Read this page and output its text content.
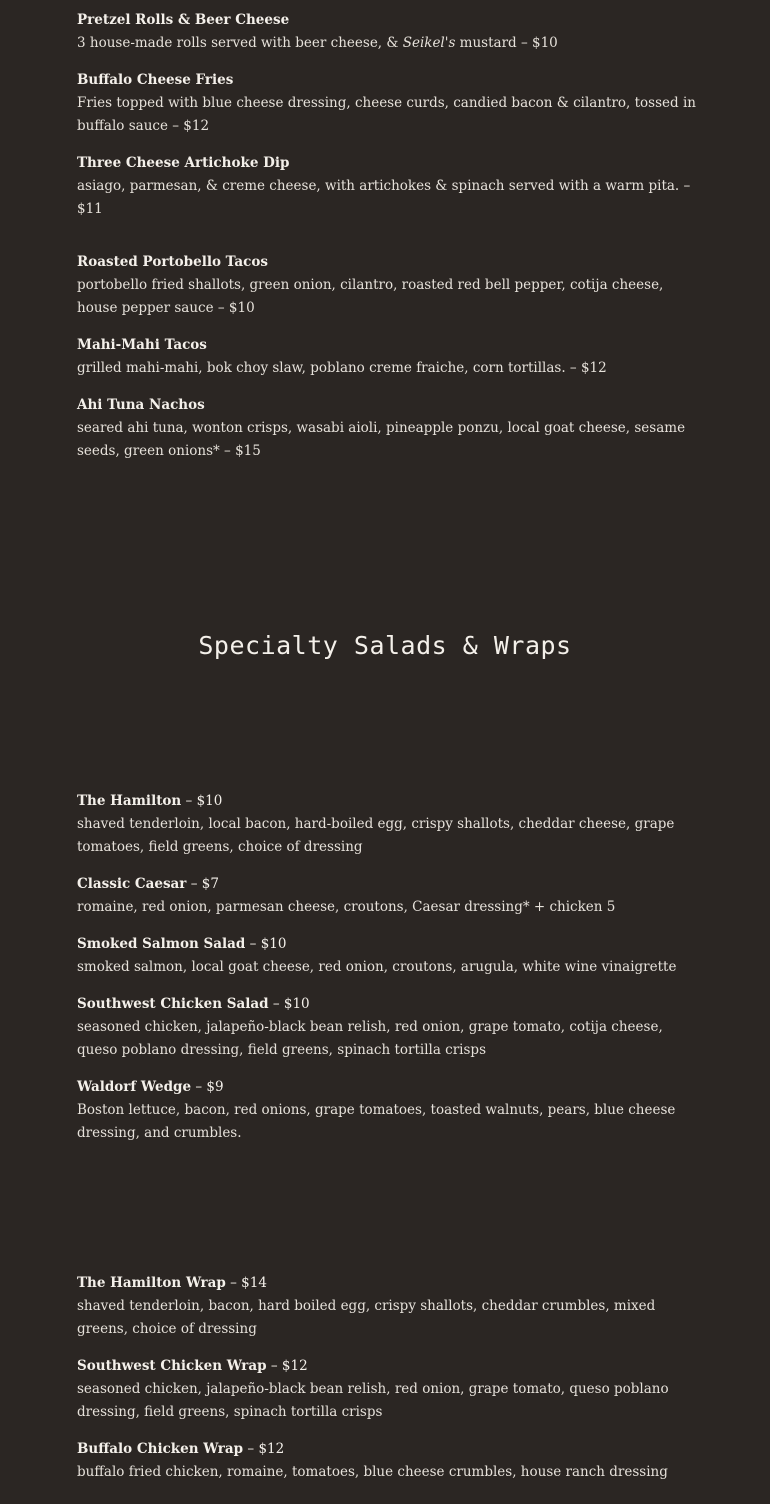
Pretzel Rolls & Beer Cheese
3 house-made rolls served with beer cheese, & Seikel's mustard – $10
Buffalo Cheese Fries
Fries topped with blue cheese dressing, cheese curds, candied bacon & cilantro, tossed in buffalo sauce – $12
Three Cheese Artichoke Dip
asiago, parmesan, & creme cheese, with artichokes & spinach served with a warm pita. – $11
Roasted Portobello Tacos
portobello fried shallots, green onion, cilantro, roasted red bell pepper, cotija cheese, house pepper sauce – $10
Mahi-Mahi Tacos
grilled mahi-mahi, bok choy slaw, poblano creme fraiche, corn tortillas. – $12
Ahi Tuna Nachos
seared ahi tuna, wonton crisps, wasabi aioli, pineapple ponzu, local goat cheese, sesame seeds, green onions* – $15
Specialty Salads & Wraps
The Hamilton – $10
shaved tenderloin, local bacon, hard-boiled egg, crispy shallots, cheddar cheese, grape tomatoes, field greens, choice of dressing
Classic Caesar – $7
romaine, red onion, parmesan cheese, croutons, Caesar dressing* + chicken 5
Smoked Salmon Salad – $10
smoked salmon, local goat cheese, red onion, croutons, arugula, white wine vinaigrette
Southwest Chicken Salad – $10
seasoned chicken, jalapeño-black bean relish, red onion, grape tomato, cotija cheese, queso poblano dressing, field greens, spinach tortilla crisps
Waldorf Wedge – $9
Boston lettuce, bacon, red onions, grape tomatoes, toasted walnuts, pears, blue cheese dressing, and crumbles.
The Hamilton Wrap – $14
shaved tenderloin, bacon, hard boiled egg, crispy shallots, cheddar crumbles, mixed greens, choice of dressing
Southwest Chicken Wrap – $12
seasoned chicken, jalapeño-black bean relish, red onion, grape tomato, queso poblano dressing, field greens, spinach tortilla crisps
Buffalo Chicken Wrap – $12
buffalo fried chicken, romaine, tomatoes, blue cheese crumbles, house ranch dressing
